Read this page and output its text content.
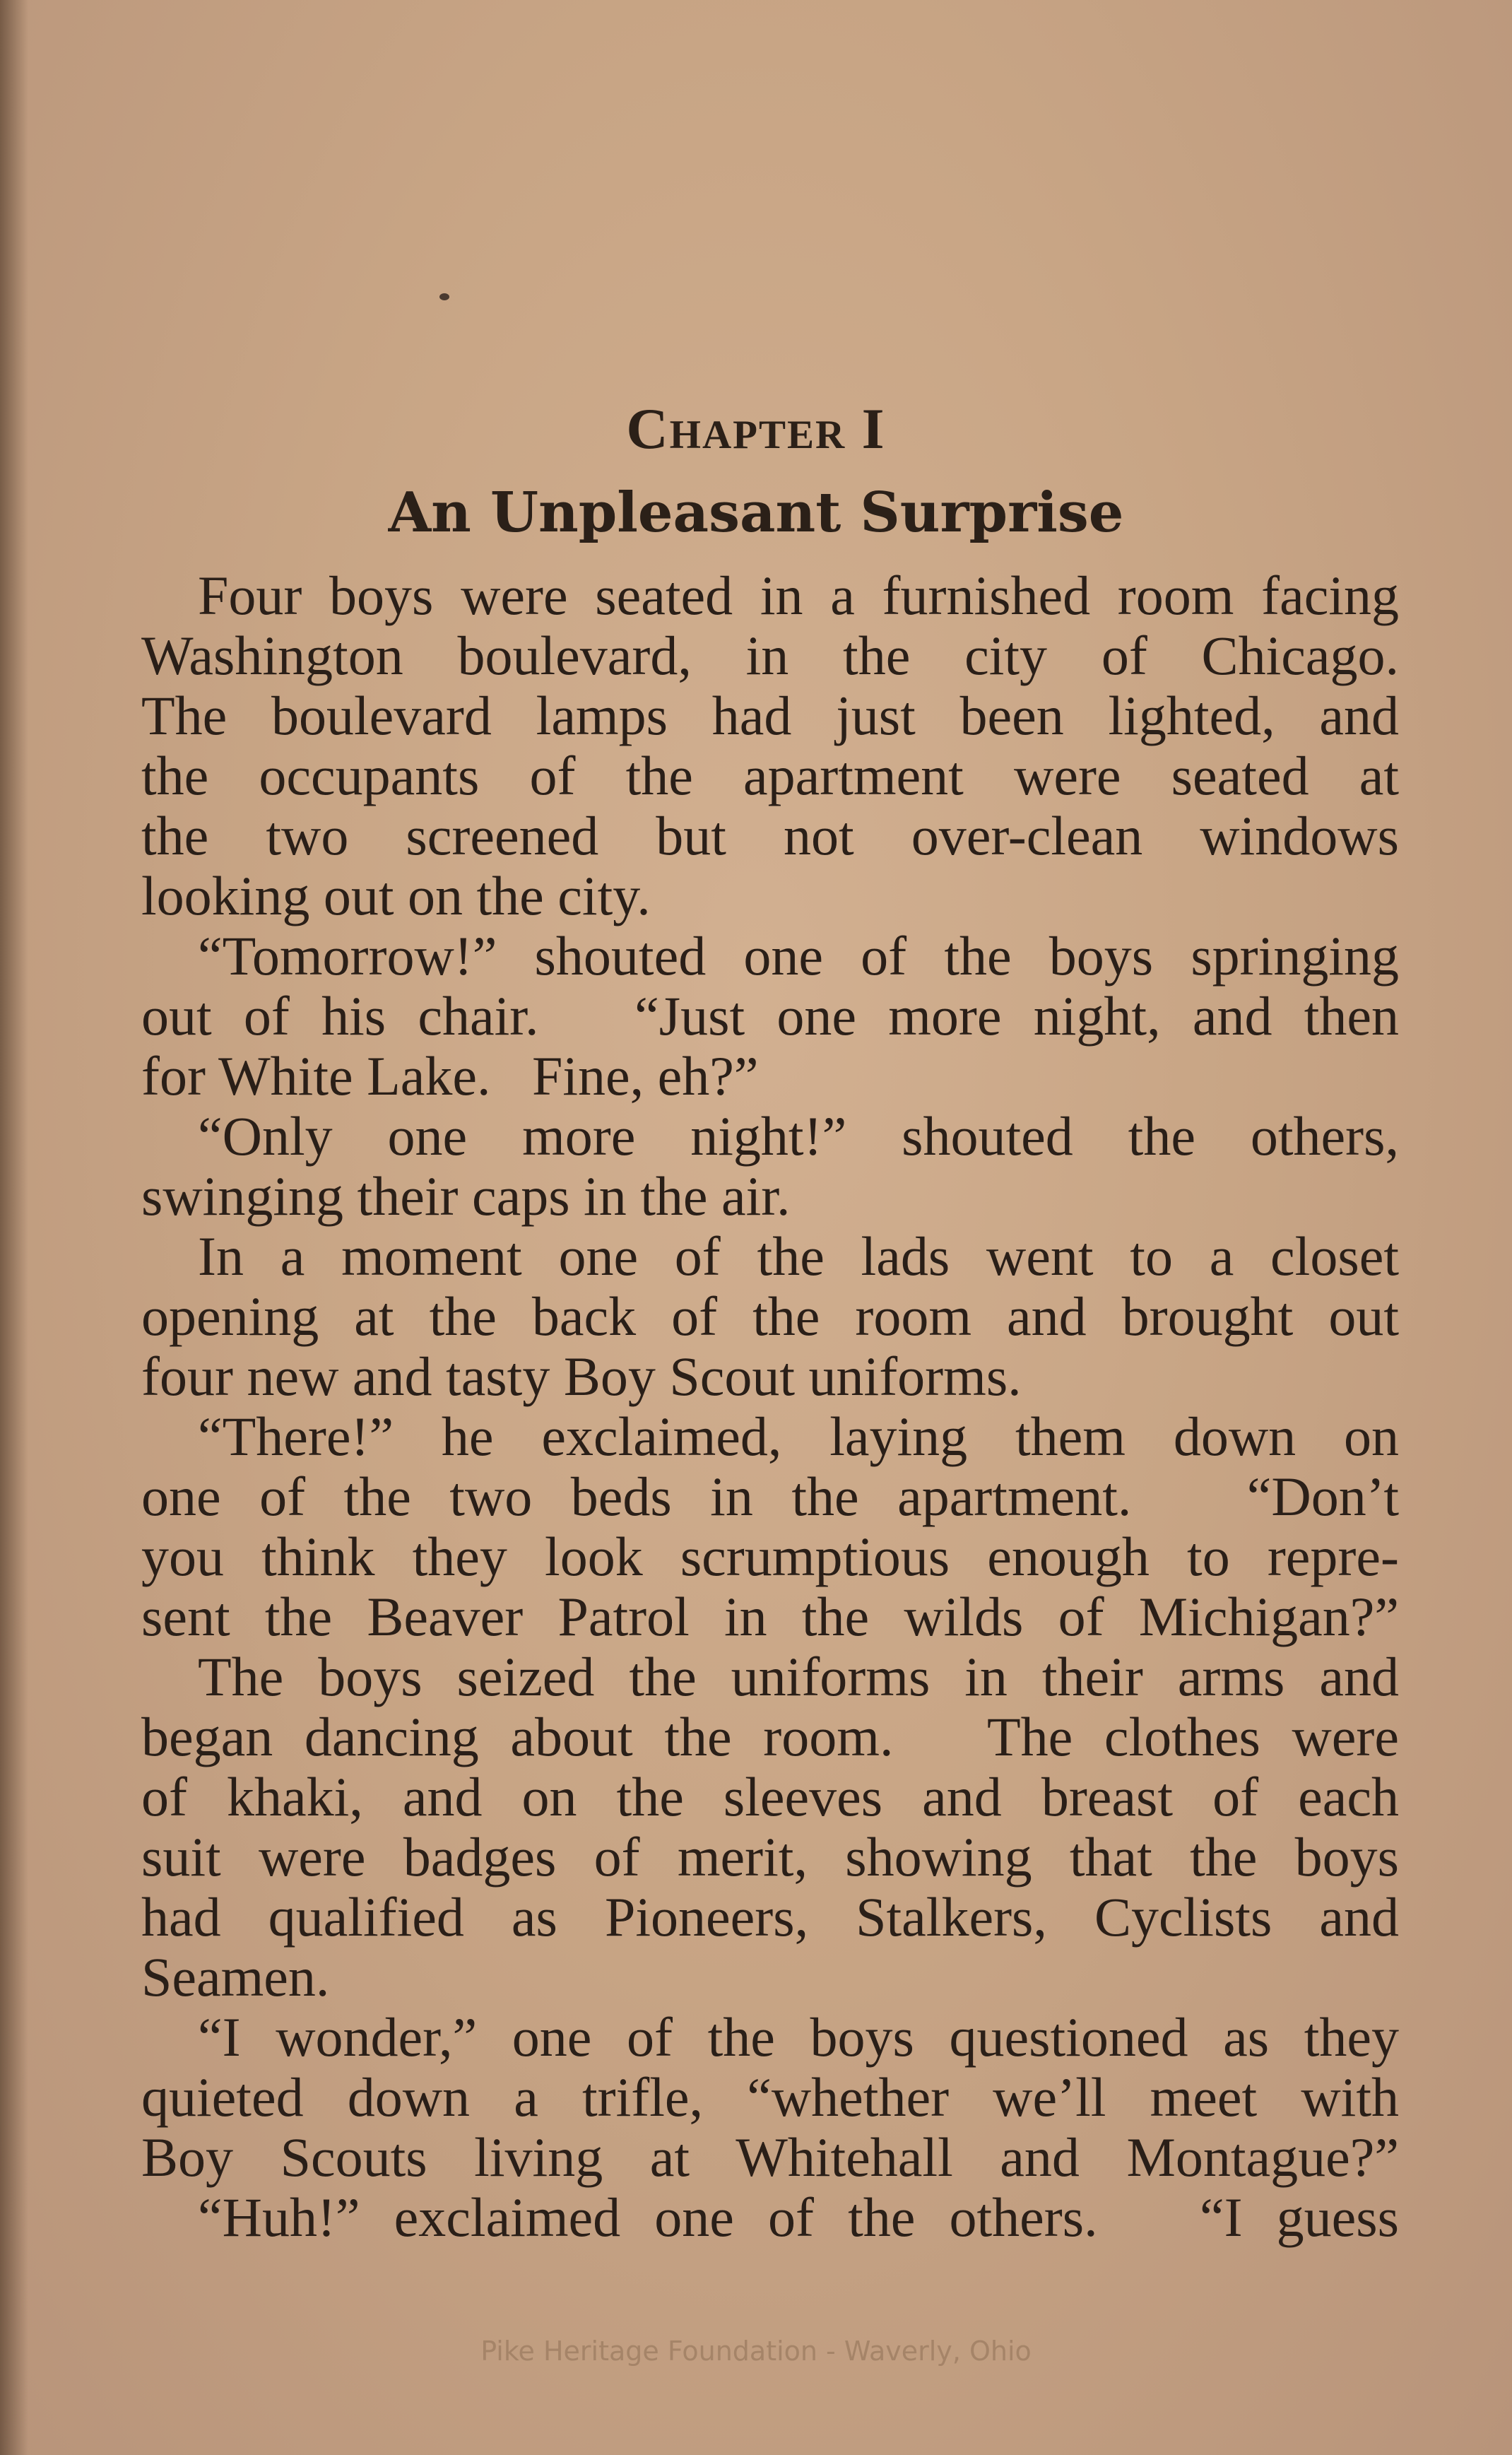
Chapter I
An Unpleasant Surprise
Four boys were seated in a furnished room facing
Washington boulevard, in the city of Chicago.
The boulevard lamps had just been lighted, and
the occupants of the apartment were seated at
the two screened but not over-clean windows
looking out on the city.
“Tomorrow!” shouted one of the boys springing
out of his chair.   “Just one more night, and then
for White Lake.   Fine, eh?”
“Only one more night!” shouted the others,
swinging their caps in the air.
In a moment one of the lads went to a closet
opening at the back of the room and brought out
four new and tasty Boy Scout uniforms.
“There!” he exclaimed, laying them down on
one of the two beds in the apartment.   “Don’t
you think they look scrumptious enough to repre-
sent the Beaver Patrol in the wilds of Michigan?”
The boys seized the uniforms in their arms and
began dancing about the room.   The clothes were
of khaki, and on the sleeves and breast of each
suit were badges of merit, showing that the boys
had qualified as Pioneers, Stalkers, Cyclists and
Seamen.
“I wonder,” one of the boys questioned as they
quieted down a trifle, “whether we’ll meet with
Boy Scouts living at Whitehall and Montague?”
“Huh!” exclaimed one of the others.   “I guess
Pike Heritage Foundation - Waverly, Ohio
